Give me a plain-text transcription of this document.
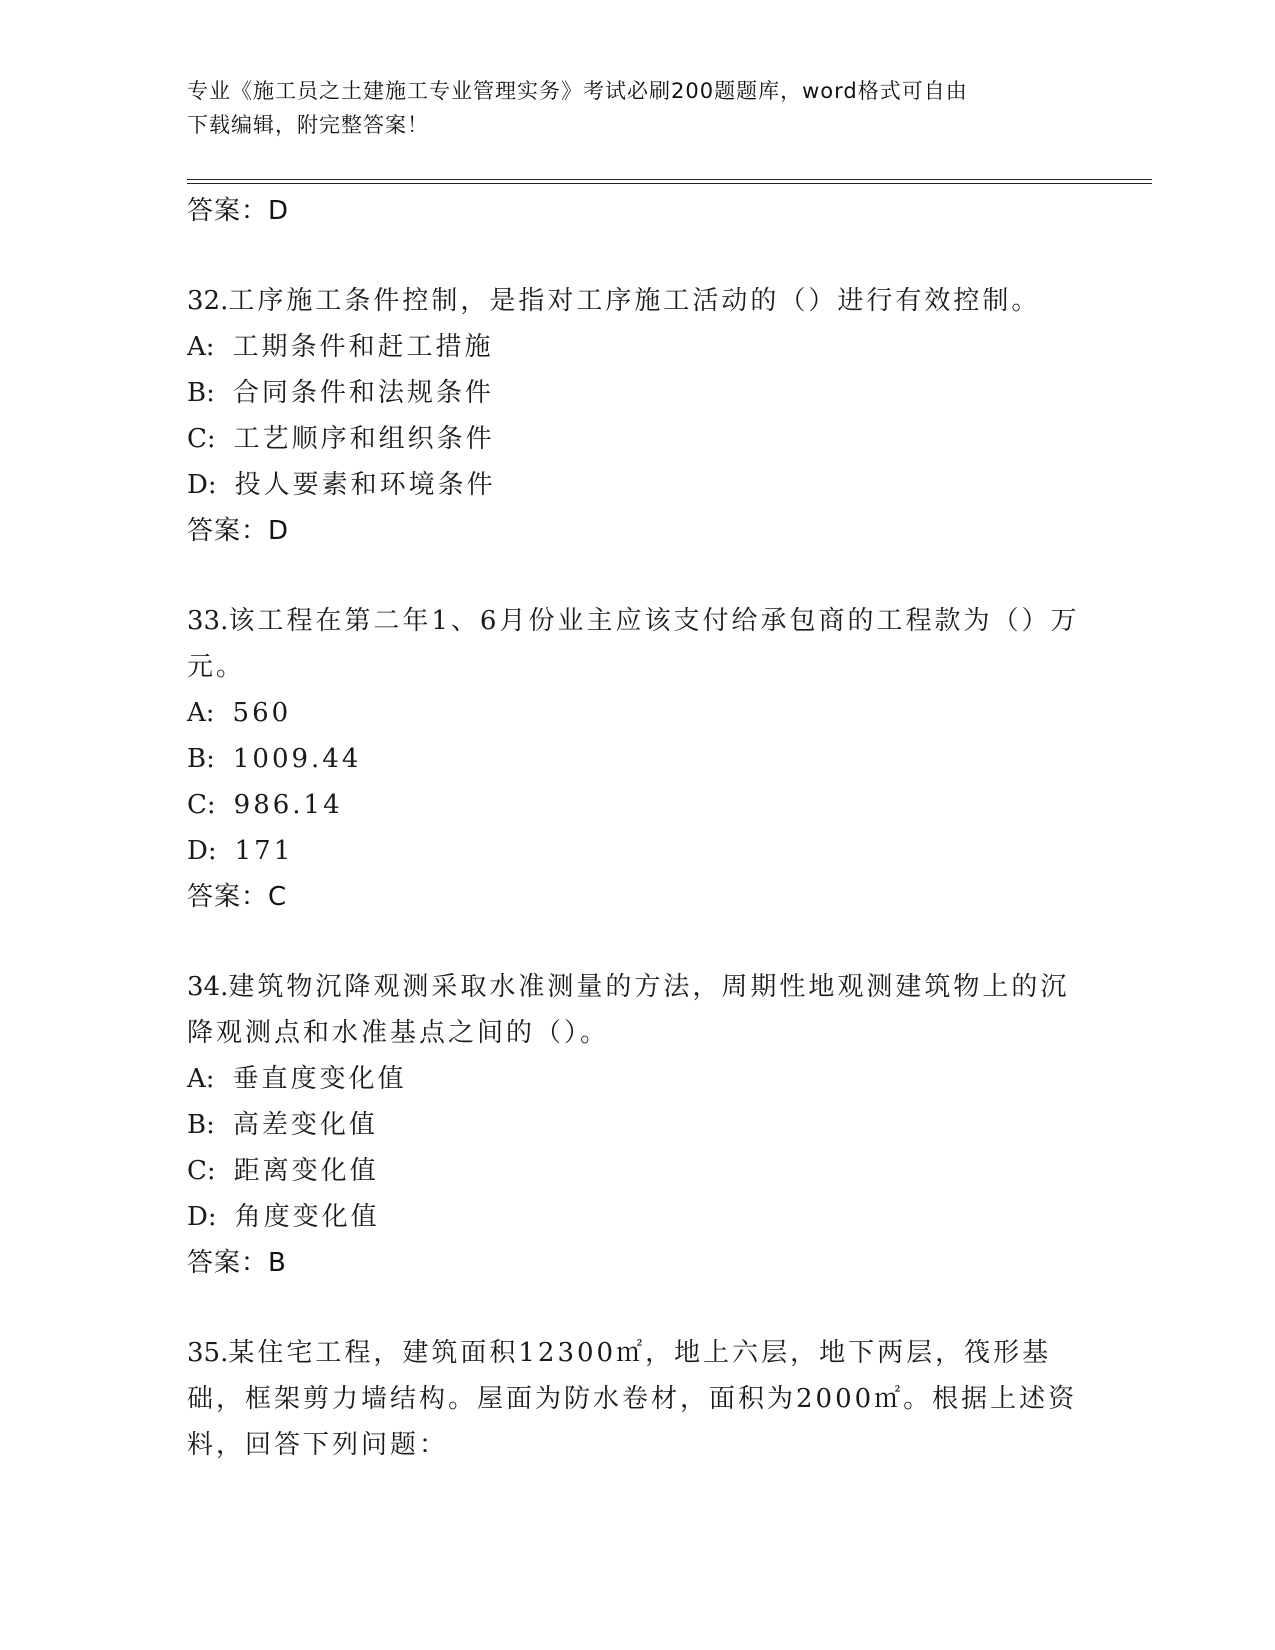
专业《施工员之土建施工专业管理实务》考试必刷200题题库，word格式可自由
下载编辑，附完整答案！
答案：D
32.工序施工条件控制，是指对工序施工活动的（）进行有效控制。
A: 工期条件和赶工措施
B: 合同条件和法规条件
C: 工艺顺序和组织条件
D: 投人要素和环境条件
答案：D
33.该工程在第二年1、6月份业主应该支付给承包商的工程款为（）万元。
A: 560
B: 1009.44
C: 986.14
D: 171
答案：C
34.建筑物沉降观测采取水准测量的方法，周期性地观测建筑物上的沉降观测点和水准基点之间的（）。
A: 垂直度变化值
B: 高差变化值
C: 距离变化值
D: 角度变化值
答案：B
35.某住宅工程，建筑面积12300㎡，地上六层，地下两层，筏形基础，框架剪力墙结构。屋面为防水卷材，面积为2000㎡。根据上述资料，回答下列问题：
